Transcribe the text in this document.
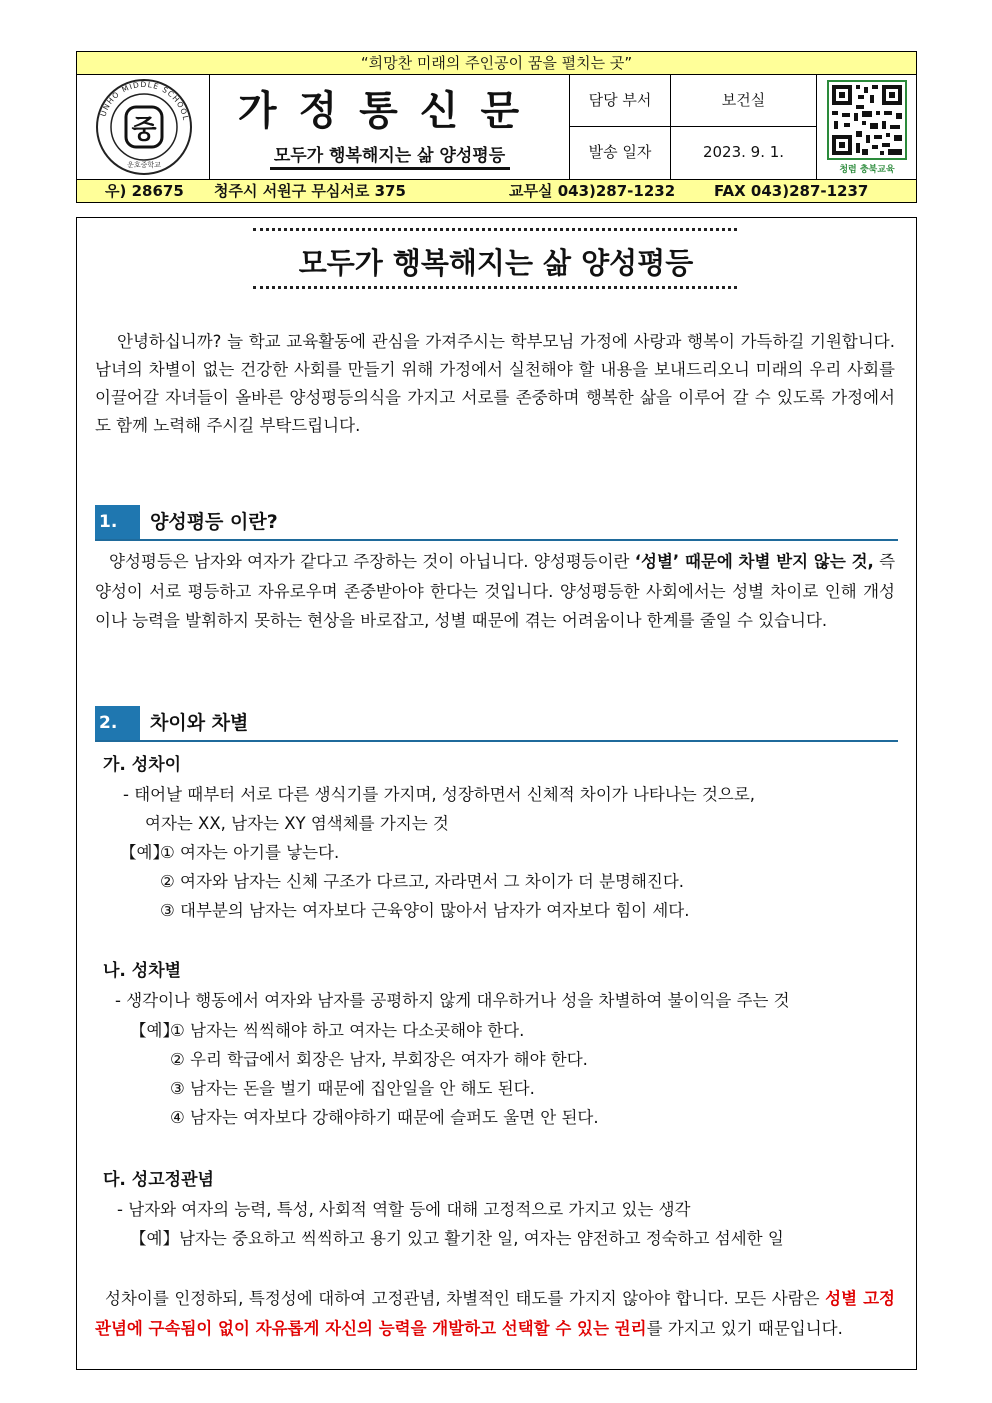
“희망찬 미래의 주인공이 꿈을 펼치는 곳”
UNHO MIDDLE SCHOOL
운호중학교
중	가정통신문
모두가 행복해지는 삶 양성평등
담당 부서	보건실
발송 일자	2023. 9. 1.
청렴 충북교육
우) 28675 청주시 서원구 무심서로 375	교무실 043)287-1232	FAX 043)287-1237
모두가 행복해지는 삶 양성평등
안녕하십니까? 늘 학교 교육활동에 관심을 가져주시는 학부모님 가정에 사랑과 행복이 가득하길 기원합니다. 남녀의 차별이 없는 건강한 사회를 만들기 위해 가정에서 실천해야 할 내용을 보내드리오니 미래의 우리 사회를 이끌어갈 자녀들이 올바른 양성평등의식을 가지고 서로를 존중하며 행복한 삶을 이루어 갈 수 있도록 가정에서도 함께 노력해 주시길 부탁드립니다.
1.	양성평등 이란?
양성평등은 남자와 여자가 같다고 주장하는 것이 아닙니다. 양성평등이란 ‘성별’ 때문에 차별 받지 않는 것, 즉 양성이 서로 평등하고 자유로우며 존중받아야 한다는 것입니다. 양성평등한 사회에서는 성별 차이로 인해 개성이나 능력을 발휘하지 못하는 현상을 바로잡고, 성별 때문에 겪는 어려움이나 한계를 줄일 수 있습니다.
2.	차이와 차별
가. 성차이
- 태어날 때부터 서로 다른 생식기를 가지며, 성장하면서 신체적 차이가 나타나는 것으로,
여자는 XX, 남자는 XY 염색체를 가지는 것
【예】
① 여자는 아기를 낳는다.
② 여자와 남자는 신체 구조가 다르고, 자라면서 그 차이가 더 분명해진다.
③ 대부분의 남자는 여자보다 근육양이 많아서 남자가 여자보다 힘이 세다.
나. 성차별
- 생각이나 행동에서 여자와 남자를 공평하지 않게 대우하거나 성을 차별하여 불이익을 주는 것
【예】
① 남자는 씩씩해야 하고 여자는 다소곳해야 한다.
② 우리 학급에서 회장은 남자, 부회장은 여자가 해야 한다.
③ 남자는 돈을 벌기 때문에 집안일을 안 해도 된다.
④ 남자는 여자보다 강해야하기 때문에 슬퍼도 울면 안 된다.
다. 성고정관념
- 남자와 여자의 능력, 특성, 사회적 역할 등에 대해 고정적으로 가지고 있는 생각
【예】남자는 중요하고 씩씩하고 용기 있고 활기찬 일, 여자는 얌전하고 정숙하고 섬세한 일
성차이를 인정하되, 특정성에 대하여 고정관념, 차별적인 태도를 가지지 않아야 합니다. 모든 사람은 성별 고정관념에 구속됨이 없이 자유롭게 자신의 능력을 개발하고 선택할 수 있는 권리를 가지고 있기 때문입니다.
